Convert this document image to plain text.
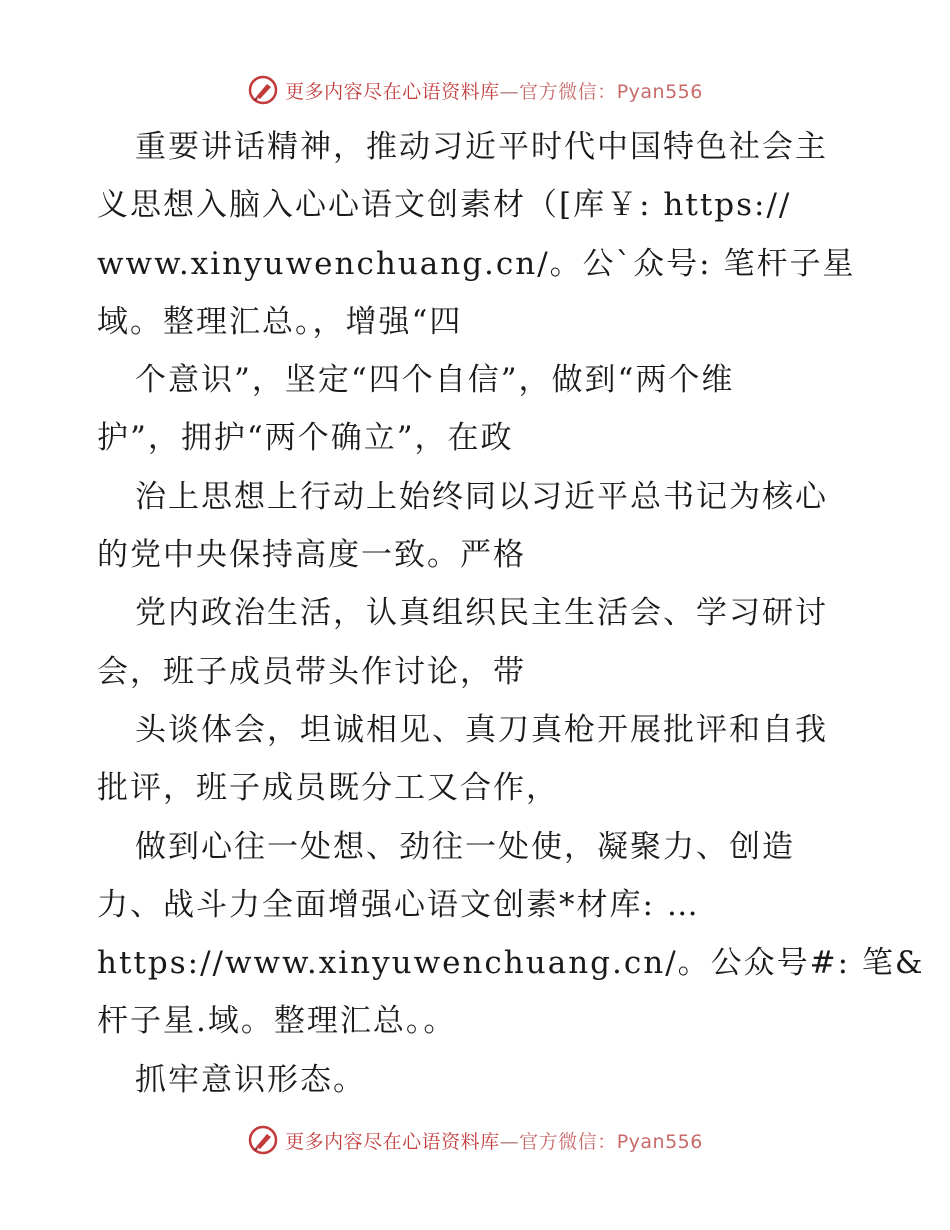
更多内容尽在心语资料库—官方微信：Pyan556
重要讲话精神，推动习近平时代中国特色社会主
义思想入脑入心心语文创素材（[库￥: https://
www.xinyuwenchuang.cn/。公`众号: 笔杆子星
域。整理汇总。，增强“四
个意识”，坚定“四个自信”，做到“两个维
护”，拥护“两个确立”，在政
治上思想上行动上始终同以习近平总书记为核心
的党中央保持高度一致。严格
党内政治生活，认真组织民主生活会、学习研讨
会，班子成员带头作讨论，带
头谈体会，坦诚相见、真刀真枪开展批评和自我
批评，班子成员既分工又合作，
做到心往一处想、劲往一处使，凝聚力、创造
力、战斗力全面增强心语文创素*材库: …
https://www.xinyuwenchuang.cn/。公众号#: 笔&
杆子星.域。整理汇总。。
抓牢意识形态。
更多内容尽在心语资料库—官方微信：Pyan556
